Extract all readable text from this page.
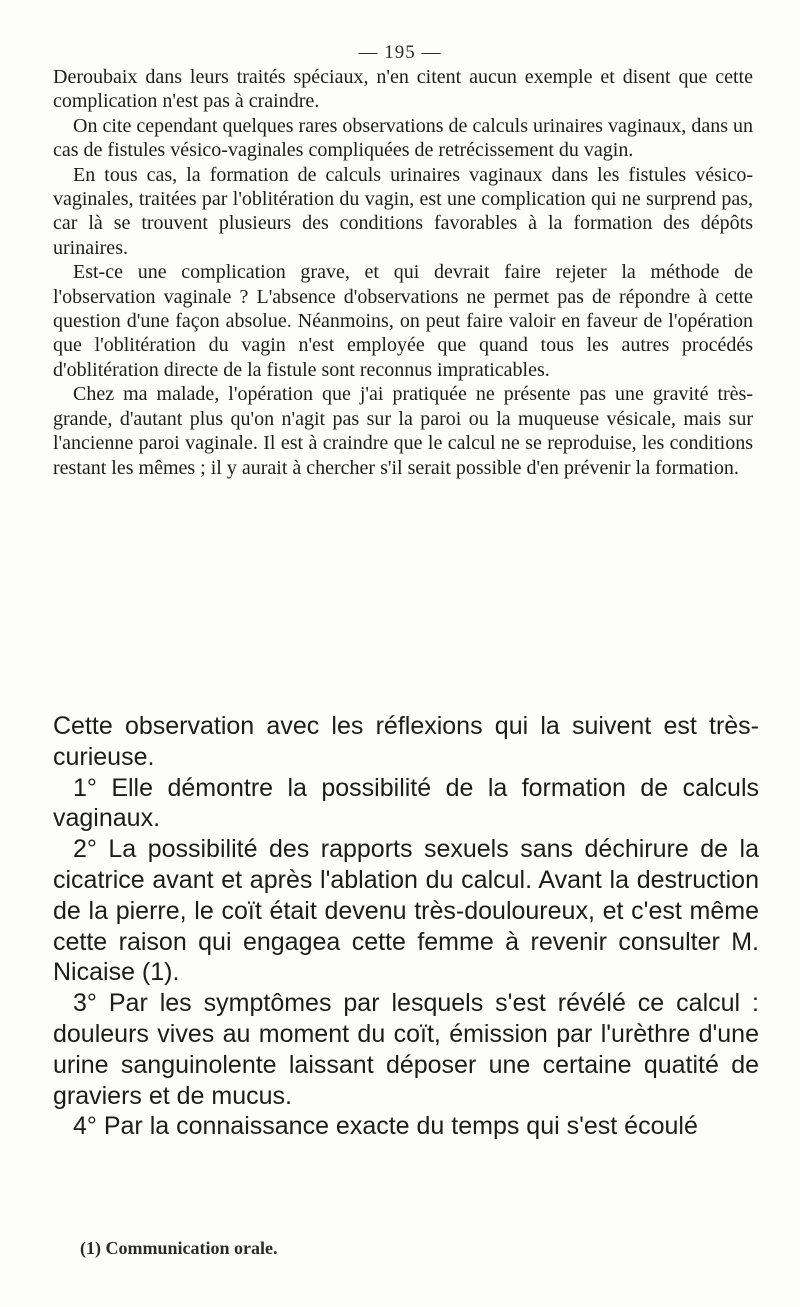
— 195 —

Deroubaix dans leurs traités spéciaux, n'en citent aucun exemple et disent que cette complication n'est pas à craindre.

On cite cependant quelques rares observations de calculs urinaires vaginaux, dans un cas de fistules vésico-vaginales compliquées de retrécissement du vagin.

En tous cas, la formation de calculs urinaires vaginaux dans les fistules vésico-vaginales, traitées par l'oblitération du vagin, est une complication qui ne surprend pas, car là se trouvent plusieurs des conditions favorables à la formation des dépôts urinaires.

Est-ce une complication grave, et qui devrait faire rejeter la méthode de l'observation vaginale ? L'absence d'observations ne permet pas de répondre à cette question d'une façon absolue. Néanmoins, on peut faire valoir en faveur de l'opération que l'oblitération du vagin n'est employée que quand tous les autres procédés d'oblitération directe de la fistule sont reconnus impraticables.

Chez ma malade, l'opération que j'ai pratiquée ne présente pas une gravité très-grande, d'autant plus qu'on n'agit pas sur la paroi ou la muqueuse vésicale, mais sur l'ancienne paroi vaginale. Il est à craindre que le calcul ne se reproduise, les conditions restant les mêmes ; il y aurait à chercher s'il serait possible d'en prévenir la formation.

Cette observation avec les réflexions qui la suivent est très-curieuse.

1° Elle démontre la possibilité de la formation de calculs vaginaux.

2° La possibilité des rapports sexuels sans déchirure de la cicatrice avant et après l'ablation du calcul. Avant la destruction de la pierre, le coït était devenu très-douloureux, et c'est même cette raison qui engagea cette femme à revenir consulter M. Nicaise (1).

3° Par les symptômes par lesquels s'est révélé ce calcul : douleurs vives au moment du coït, émission par l'urèthre d'une urine sanguinolente laissant déposer une certaine quatité de graviers et de mucus.

4° Par la connaissance exacte du temps qui s'est écoulé

(1) Communication orale.
